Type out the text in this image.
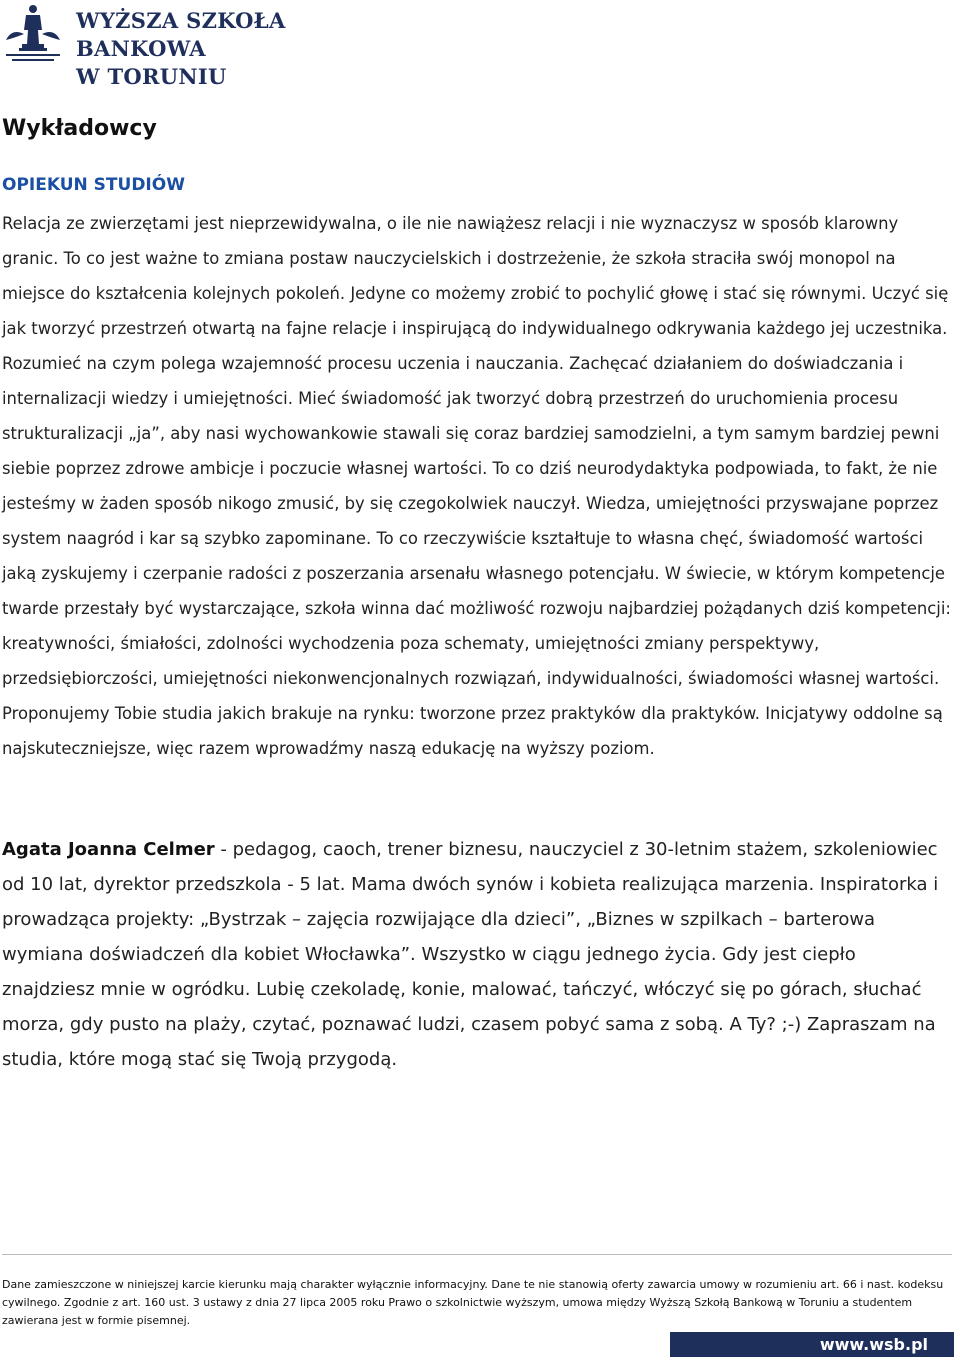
WYŻSZA SZKOŁA BANKOWA
W TORUNIU
Wykładowcy
OPIEKUN STUDIÓW

Relacja ze zwierzętami jest nieprzewidywalna, o ile nie nawiążesz relacji i nie wyznaczysz w sposób klarowny granic. To co jest ważne to zmiana postaw nauczycielskich i dostrzeżenie, że szkoła straciła swój monopol na miejsce do kształcenia kolejnych pokoleń. Jedyne co możemy zrobić to pochylić głowę i stać się równymi. Uczyć się jak tworzyć przestrzeń otwartą na fajne relacje i inspirującą do indywidualnego odkrywania każdego jej uczestnika. Rozumieć na czym polega wzajemność procesu uczenia i nauczania. Zachęcać działaniem do doświadczania i internalizacji wiedzy i umiejętności. Mieć świadomość jak tworzyć dobrą przestrzeń do uruchomienia procesu strukturalizacji „ja”, aby nasi wychowankowie stawali się coraz bardziej samodzielni, a tym samym bardziej pewni siebie poprzez zdrowe ambicje i poczucie własnej wartości. To co dziś neurodydaktyka podpowiada, to fakt, że nie jesteśmy w żaden sposób nikogo zmusić, by się czegokolwiek nauczył. Wiedza, umiejętności przyswajane poprzez system naagród i kar są szybko zapominane. To co rzeczywiście kształtuje to własna chęć, świadomość wartości jaką zyskujemy i czerpanie radości z poszerzania arsenału własnego potencjału. W świecie, w którym kompetencje twarde przestały być wystarczające, szkoła winna dać możliwość rozwoju najbardziej pożądanych dziś kompetencji: kreatywności, śmiałości, zdolności wychodzenia poza schematy, umiejętności zmiany perspektywy, przedsiębiorczości, umiejętności niekonwencjonalnych rozwiązań, indywidualności, świadomości własnej wartości. Proponujemy Tobie studia jakich brakuje na rynku: tworzone przez praktyków dla praktyków. Inicjatywy oddolne są najskuteczniejsze, więc razem wprowadźmy naszą edukację na wyższy poziom.

Agata Joanna Celmer - pedagog, caoch, trener biznesu, nauczyciel z 30-letnim stażem, szkoleniowiec od 10 lat, dyrektor przedszkola - 5 lat. Mama dwóch synów i kobieta realizująca marzenia. Inspiratorka i prowadząca projekty: „Bystrzak – zajęcia rozwijające dla dzieci”, „Biznes w szpilkach – barterowa wymiana doświadczeń dla kobiet Włocławka”. Wszystko w ciągu jednego życia. Gdy jest ciepło znajdziesz mnie w ogródku. Lubię czekoladę, konie, malować, tańczyć, włóczyć się po górach, słuchać morza, gdy pusto na plaży, czytać, poznawać ludzi, czasem pobyć sama z sobą. A Ty? ;-) Zapraszam na studia, które mogą stać się Twoją przygodą.

Dane zamieszczone w niniejszej karcie kierunku mają charakter wyłącznie informacyjny. Dane te nie stanowią oferty zawarcia umowy w rozumieniu art. 66 i nast. kodeksu cywilnego. Zgodnie z art. 160 ust. 3 ustawy z dnia 27 lipca 2005 roku Prawo o szkolnictwie wyższym, umowa między Wyższą Szkołą Bankową w Toruniu a studentem zawierana jest w formie pisemnej.

www.wsb.pl
